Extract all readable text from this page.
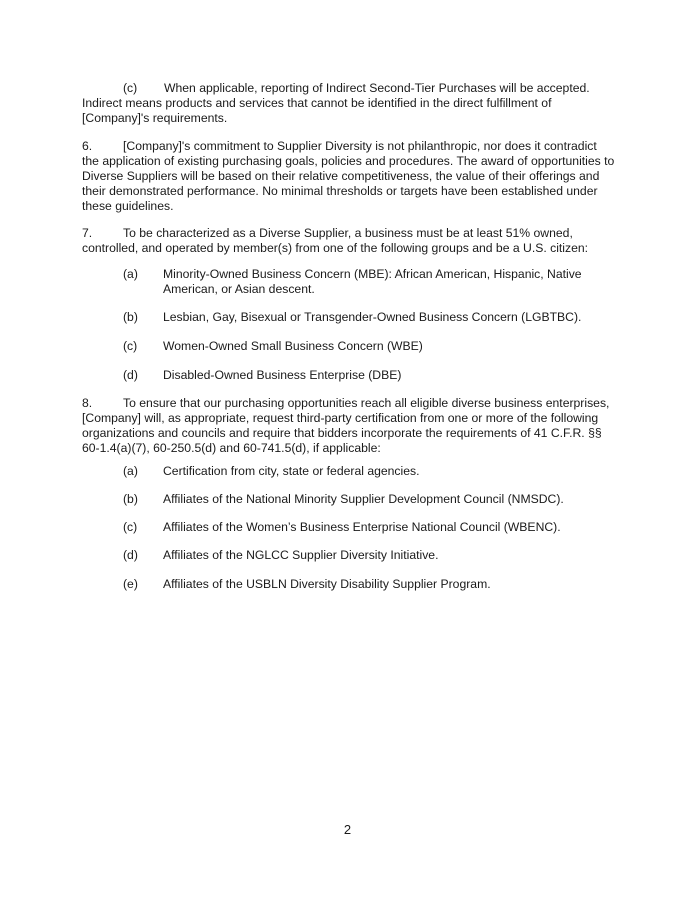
(c) When applicable, reporting of Indirect Second-Tier Purchases will be accepted. Indirect means products and services that cannot be identified in the direct fulfillment of [Company]'s requirements.

6.	[Company]'s commitment to Supplier Diversity is not philanthropic, nor does it contradict the application of existing purchasing goals, policies and procedures. The award of opportunities to Diverse Suppliers will be based on their relative competitiveness, the value of their offerings and their demonstrated performance. No minimal thresholds or targets have been established under these guidelines.

7.	To be characterized as a Diverse Supplier, a business must be at least 51% owned, controlled, and operated by member(s) from one of the following groups and be a U.S. citizen:

(a) Minority-Owned Business Concern (MBE): African American, Hispanic, Native American, or Asian descent.
(b) Lesbian, Gay, Bisexual or Transgender-Owned Business Concern (LGBTBC).
(c) Women-Owned Small Business Concern (WBE)
(d) Disabled-Owned Business Enterprise (DBE)

8.	To ensure that our purchasing opportunities reach all eligible diverse business enterprises, [Company] will, as appropriate, request third-party certification from one or more of the following organizations and councils and require that bidders incorporate the requirements of 41 C.F.R. §§ 60-1.4(a)(7), 60-250.5(d) and 60-741.5(d), if applicable:

(a) Certification from city, state or federal agencies.
(b) Affiliates of the National Minority Supplier Development Council (NMSDC).
(c) Affiliates of the Women’s Business Enterprise National Council (WBENC).
(d) Affiliates of the NGLCC Supplier Diversity Initiative.
(e) Affiliates of the USBLN Diversity Disability Supplier Program.
2
